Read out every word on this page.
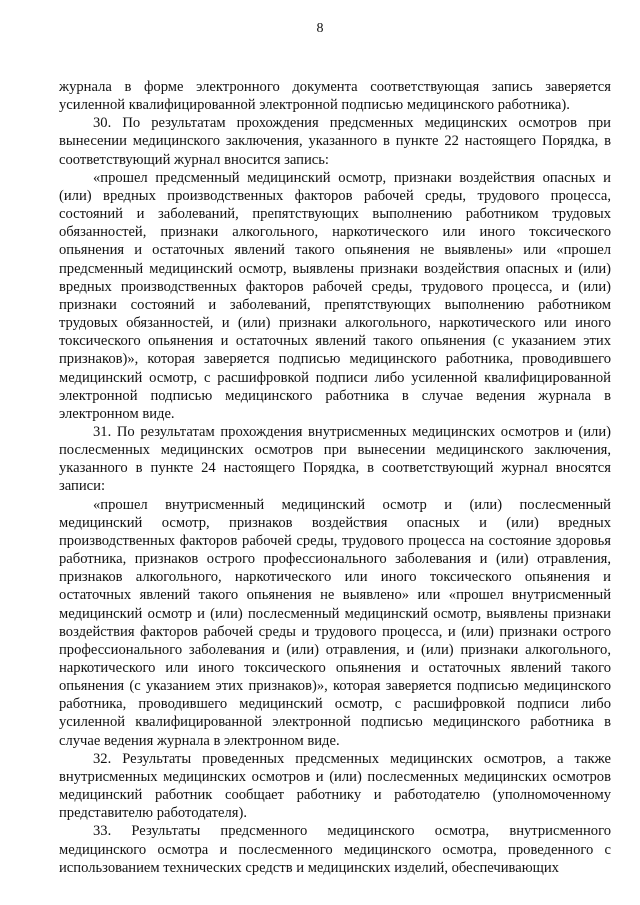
8

журнала в форме электронного документа соответствующая запись заверяется усиленной квалифицированной электронной подписью медицинского работника).

30. По результатам прохождения предсменных медицинских осмотров при вынесении медицинского заключения, указанного в пункте 22 настоящего Порядка, в соответствующий журнал вносится запись:

«прошел предсменный медицинский осмотр, признаки воздействия опасных и (или) вредных производственных факторов рабочей среды, трудового процесса, состояний и заболеваний, препятствующих выполнению работником трудовых обязанностей, признаки алкогольного, наркотического или иного токсического опьянения и остаточных явлений такого опьянения не выявлены» или «прошел предсменный медицинский осмотр, выявлены признаки воздействия опасных и (или) вредных производственных факторов рабочей среды, трудового процесса, и (или) признаки состояний и заболеваний, препятствующих выполнению работником трудовых обязанностей, и (или) признаки алкогольного, наркотического или иного токсического опьянения и остаточных явлений такого опьянения (с указанием этих признаков)», которая заверяется подписью медицинского работника, проводившего медицинский осмотр, с расшифровкой подписи либо усиленной квалифицированной электронной подписью медицинского работника в случае ведения журнала в электронном виде.

31. По результатам прохождения внутрисменных медицинских осмотров и (или) послесменных медицинских осмотров при вынесении медицинского заключения, указанного в пункте 24 настоящего Порядка, в соответствующий журнал вносятся записи:

«прошел внутрисменный медицинский осмотр и (или) послесменный медицинский осмотр, признаков воздействия опасных и (или) вредных производственных факторов рабочей среды, трудового процесса на состояние здоровья работника, признаков острого профессионального заболевания и (или) отравления, признаков алкогольного, наркотического или иного токсического опьянения и остаточных явлений такого опьянения не выявлено» или «прошел внутрисменный медицинский осмотр и (или) послесменный медицинский осмотр, выявлены признаки воздействия факторов рабочей среды и трудового процесса, и (или) признаки острого профессионального заболевания и (или) отравления, и (или) признаки алкогольного, наркотического или иного токсического опьянения и остаточных явлений такого опьянения (с указанием этих признаков)», которая заверяется подписью медицинского работника, проводившего медицинский осмотр, с расшифровкой подписи либо усиленной квалифицированной электронной подписью медицинского работника в случае ведения журнала в электронном виде.

32. Результаты проведенных предсменных медицинских осмотров, а также внутрисменных медицинских осмотров и (или) послесменных медицинских осмотров медицинский работник сообщает работнику и работодателю (уполномоченному представителю работодателя).

33. Результаты предсменного медицинского осмотра, внутрисменного медицинского осмотра и послесменного медицинского осмотра, проведенного с использованием технических средств и медицинских изделий, обеспечивающих
